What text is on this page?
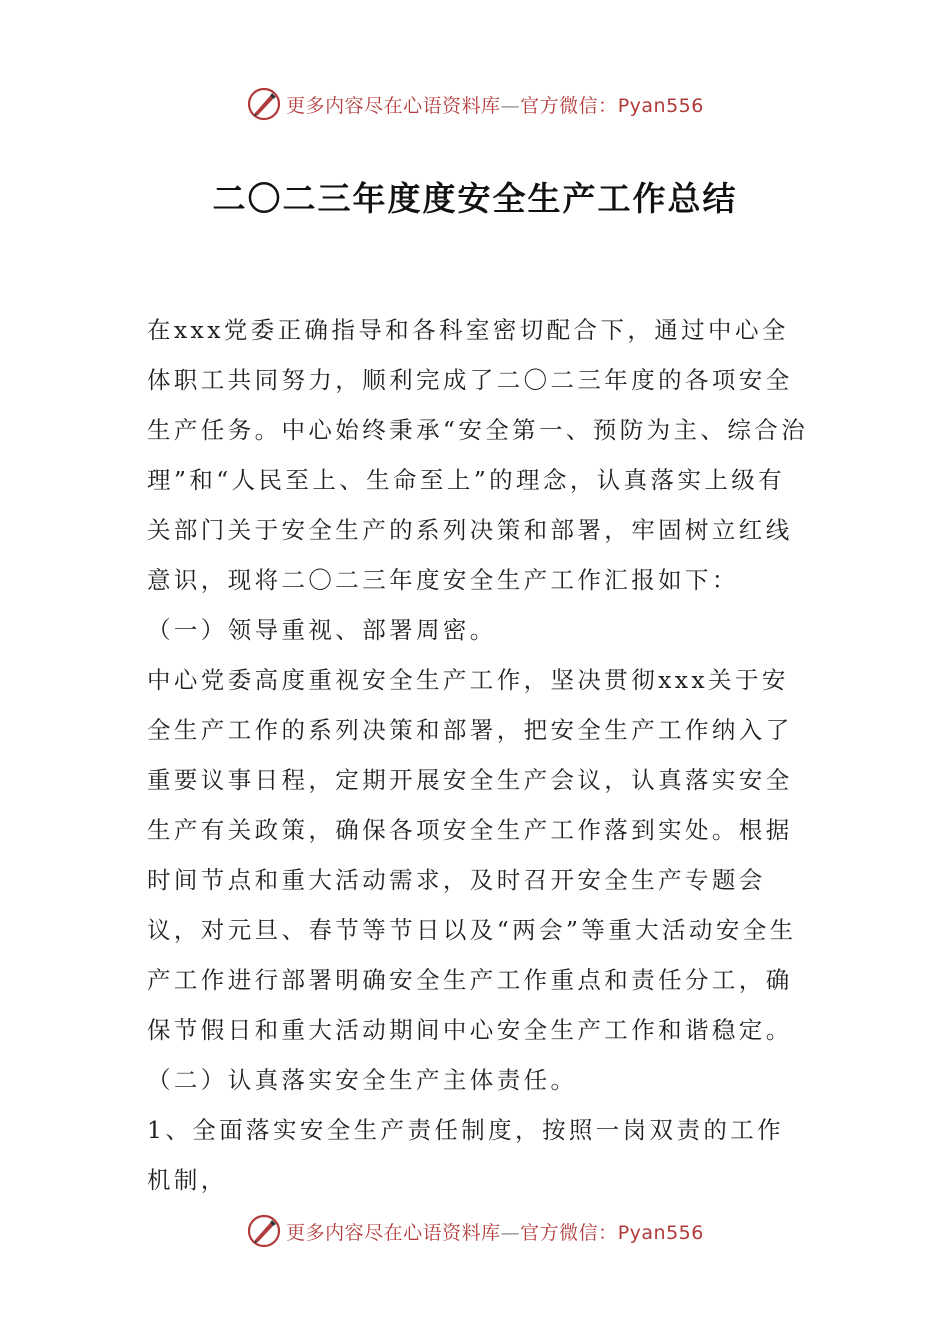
更多内容尽在心语资料库—官方微信：Pyan556
二〇二三年度度安全生产工作总结

在xxx党委正确指导和各科室密切配合下，通过中心全体职工共同努力，顺利完成了二〇二三年度的各项安全生产任务。中心始终秉承“安全第一、预防为主、综合治理”和“人民至上、生命至上”的理念，认真落实上级有关部门关于安全生产的系列决策和部署，牢固树立红线意识，现将二〇二三年度安全生产工作汇报如下：

（一）领导重视、部署周密。

中心党委高度重视安全生产工作，坚决贯彻xxx关于安全生产工作的系列决策和部署，把安全生产工作纳入了重要议事日程，定期开展安全生产会议，认真落实安全生产有关政策，确保各项安全生产工作落到实处。根据时间节点和重大活动需求，及时召开安全生产专题会议，对元旦、春节等节日以及“两会”等重大活动安全生产工作进行部署明确安全生产工作重点和责任分工，确保节假日和重大活动期间中心安全生产工作和谐稳定。

（二）认真落实安全生产主体责任。

1、全面落实安全生产责任制度，按照一岗双责的工作机制，

更多内容尽在心语资料库—官方微信：Pyan556
